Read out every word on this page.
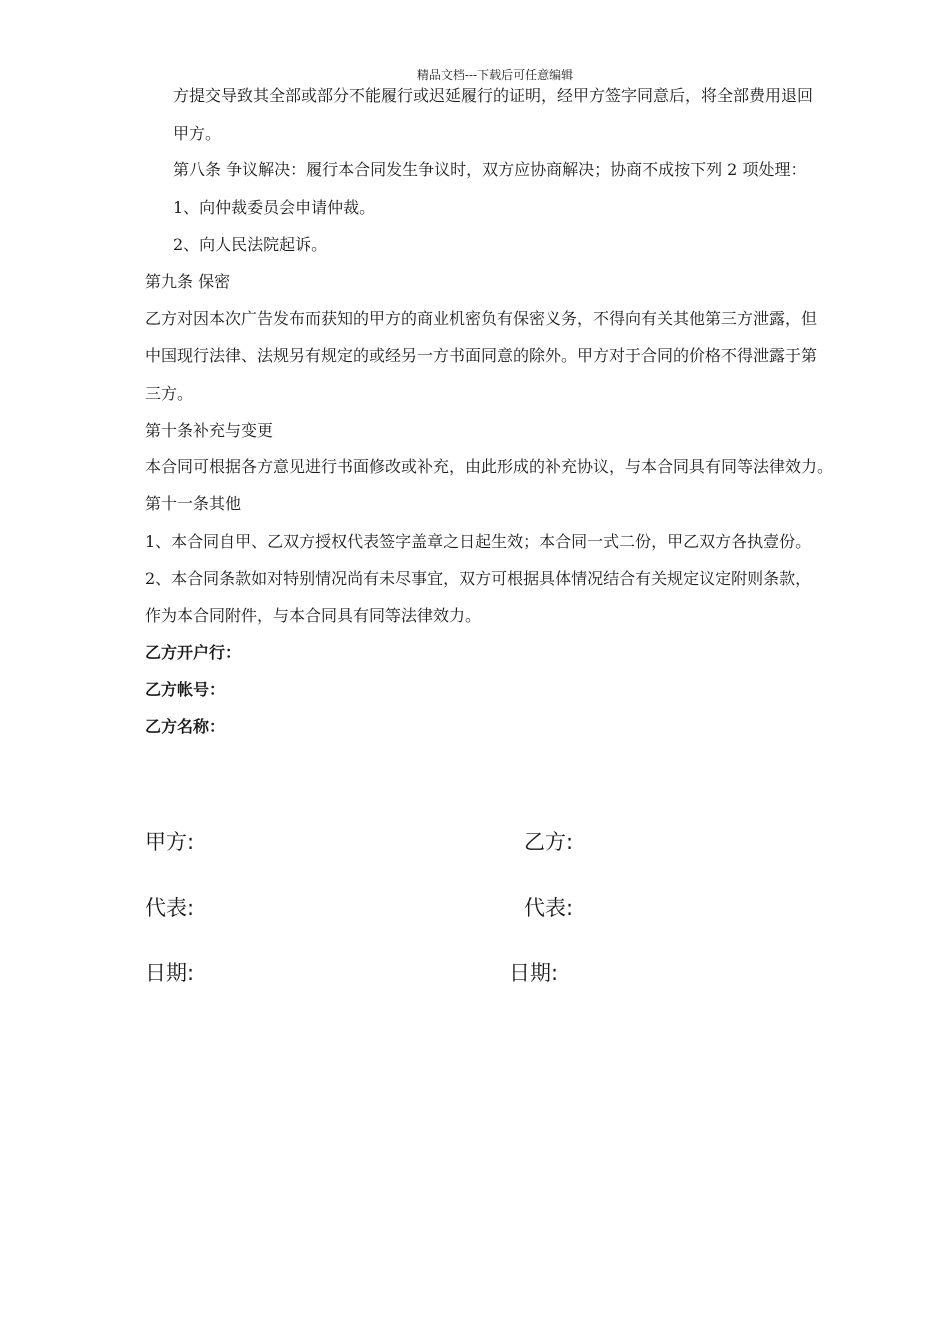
精品文档---下载后可任意编辑
方提交导致其全部或部分不能履行或迟延履行的证明，经甲方签字同意后，将全部费用退回
甲方。
第八条 争议解决：履行本合同发生争议时，双方应协商解决；协商不成按下列 2 项处理：
1、向仲裁委员会申请仲裁。
2、向人民法院起诉。
第九条 保密
乙方对因本次广告发布而获知的甲方的商业机密负有保密义务，不得向有关其他第三方泄露，但
中国现行法律、法规另有规定的或经另一方书面同意的除外。甲方对于合同的价格不得泄露于第
三方。
第十条补充与变更
本合同可根据各方意见进行书面修改或补充，由此形成的补充协议，与本合同具有同等法律效力。
第十一条其他
1、本合同自甲、乙双方授权代表签字盖章之日起生效；本合同一式二份，甲乙双方各执壹份。
2、本合同条款如对特别情况尚有未尽事宜，双方可根据具体情况结合有关规定议定附则条款，
作为本合同附件，与本合同具有同等法律效力。
乙方开户行：
乙方帐号：
乙方名称：
甲方:	乙方:
代表:	代表:
日期:	日期:
